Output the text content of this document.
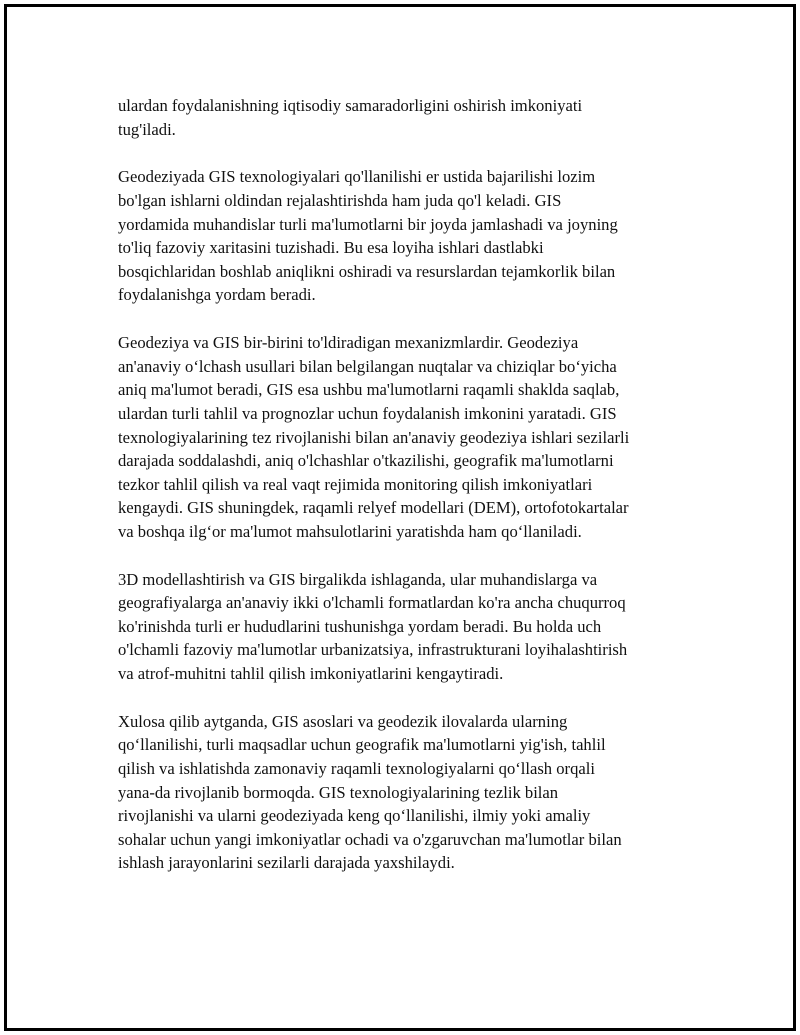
ulardan foydalanishning iqtisodiy samaradorligini oshirish imkoniyati
tug'iladi.
Geodeziyada GIS texnologiyalari qo'llanilishi er ustida bajarilishi lozim
bo'lgan ishlarni oldindan rejalashtirishda ham juda qo'l keladi. GIS
yordamida muhandislar turli ma'lumotlarni bir joyda jamlashadi va joyning
to'liq fazoviy xaritasini tuzishadi. Bu esa loyiha ishlari dastlabki
bosqichlaridan boshlab aniqlikni oshiradi va resurslardan tejamkorlik bilan
foydalanishga yordam beradi.
Geodeziya va GIS bir-birini to'ldiradigan mexanizmlardir. Geodeziya
an'anaviy o‘lchash usullari bilan belgilangan nuqtalar va chiziqlar bo‘yicha
aniq ma'lumot beradi, GIS esa ushbu ma'lumotlarni raqamli shaklda saqlab,
ulardan turli tahlil va prognozlar uchun foydalanish imkonini yaratadi. GIS
texnologiyalarining tez rivojlanishi bilan an'anaviy geodeziya ishlari sezilarli
darajada soddalashdi, aniq o'lchashlar o'tkazilishi, geografik ma'lumotlarni
tezkor tahlil qilish va real vaqt rejimida monitoring qilish imkoniyatlari
kengaydi. GIS shuningdek, raqamli relyef modellari (DEM), ortofotokartalar
va boshqa ilg‘or ma'lumot mahsulotlarini yaratishda ham qo‘llaniladi.
3D modellashtirish va GIS birgalikda ishlaganda, ular muhandislarga va
geografiyalarga an'anaviy ikki o'lchamli formatlardan ko'ra ancha chuqurroq
ko'rinishda turli er hududlarini tushunishga yordam beradi. Bu holda uch
o'lchamli fazoviy ma'lumotlar urbanizatsiya, infrastrukturani loyihalashtirish
va atrof-muhitni tahlil qilish imkoniyatlarini kengaytiradi.
Xulosa qilib aytganda, GIS asoslari va geodezik ilovalarda ularning
qo‘llanilishi, turli maqsadlar uchun geografik ma'lumotlarni yig'ish, tahlil
qilish va ishlatishda zamonaviy raqamli texnologiyalarni qo‘llash orqali
yana-da rivojlanib bormoqda. GIS texnologiyalarining tezlik bilan
rivojlanishi va ularni geodeziyada keng qo‘llanilishi, ilmiy yoki amaliy
sohalar uchun yangi imkoniyatlar ochadi va o'zgaruvchan ma'lumotlar bilan
ishlash jarayonlarini sezilarli darajada yaxshilaydi.
